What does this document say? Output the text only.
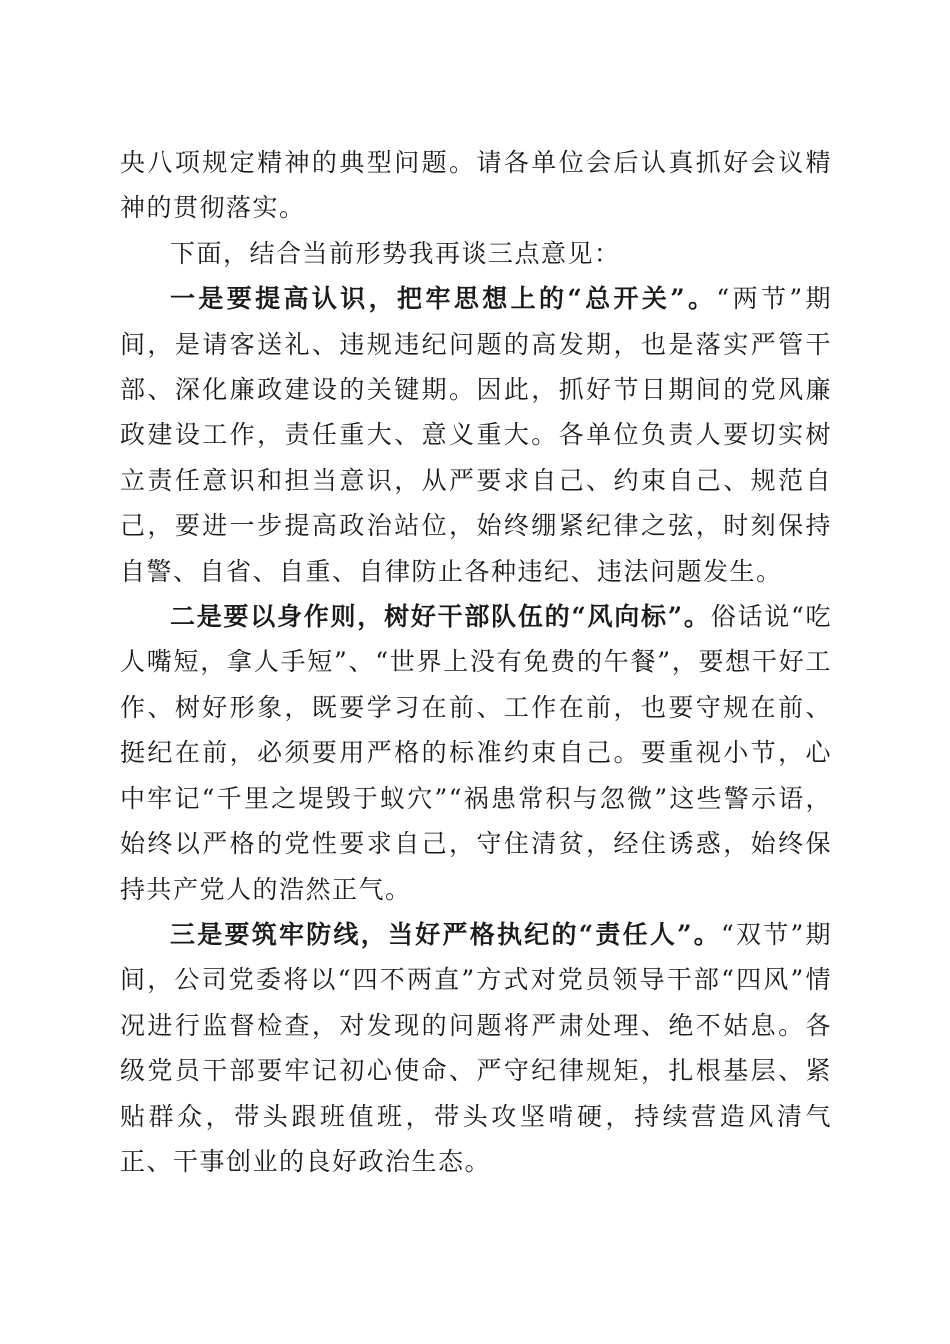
央八项规定精神的典型问题。请各单位会后认真抓好会议精神的贯彻落实。

下面，结合当前形势我再谈三点意见：

一是要提高认识，把牢思想上的“总开关”。“两节”期间，是请客送礼、违规违纪问题的高发期，也是落实严管干部、深化廉政建设的关键期。因此，抓好节日期间的党风廉政建设工作，责任重大、意义重大。各单位负责人要切实树立责任意识和担当意识，从严要求自己、约束自己、规范自己，要进一步提高政治站位，始终绷紧纪律之弦，时刻保持自警、自省、自重、自律防止各种违纪、违法问题发生。

二是要以身作则，树好干部队伍的“风向标”。俗话说“吃人嘴短，拿人手短”、“世界上没有免费的午餐”，要想干好工作、树好形象，既要学习在前、工作在前，也要守规在前、挺纪在前，必须要用严格的标准约束自己。要重视小节，心中牢记“千里之堤毁于蚁穴”“祸患常积与忽微”这些警示语，始终以严格的党性要求自己，守住清贫，经住诱惑，始终保持共产党人的浩然正气。

三是要筑牢防线，当好严格执纪的“责任人”。“双节”期间，公司党委将以“四不两直”方式对党员领导干部“四风”情况进行监督检查，对发现的问题将严肃处理、绝不姑息。各级党员干部要牢记初心使命、严守纪律规矩，扎根基层、紧贴群众，带头跟班值班，带头攻坚啃硬，持续营造风清气正、干事创业的良好政治生态。
